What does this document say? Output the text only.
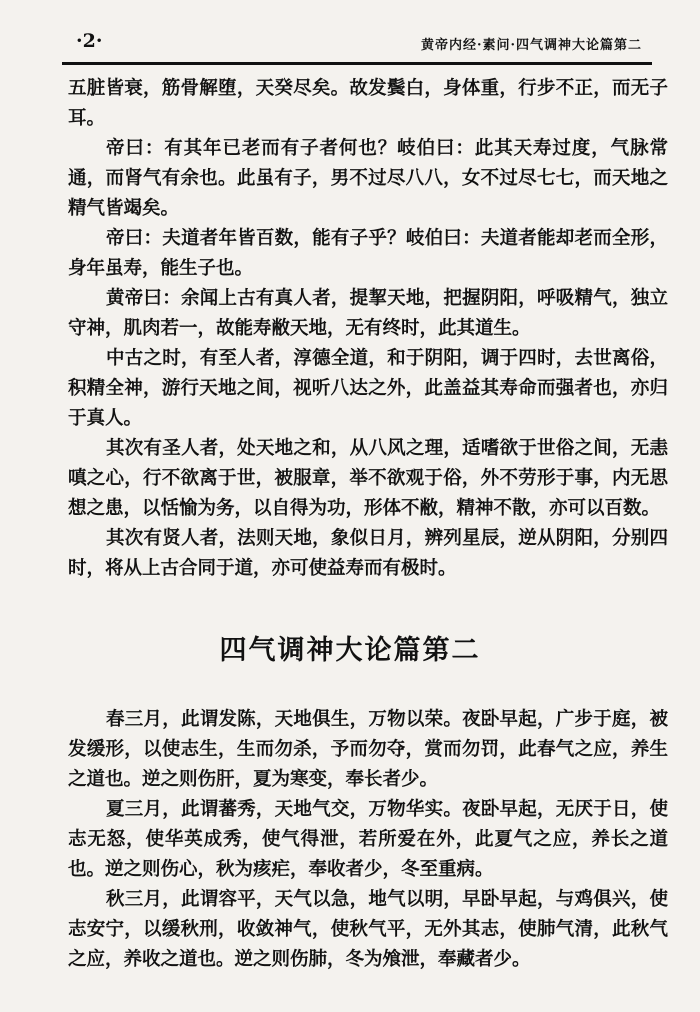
·2·	黄帝内经·素问·四气调神大论篇第二

五脏皆衰，筋骨解堕，天癸尽矣。故发鬓白，身体重，行步不正，而无子耳。

帝曰：有其年已老而有子者何也？岐伯曰：此其天寿过度，气脉常通，而肾气有余也。此虽有子，男不过尽八八，女不过尽七七，而天地之精气皆竭矣。

帝曰：夫道者年皆百数，能有子乎？岐伯曰：夫道者能却老而全形，身年虽寿，能生子也。

黄帝曰：余闻上古有真人者，提挈天地，把握阴阳，呼吸精气，独立守神，肌肉若一，故能寿敝天地，无有终时，此其道生。

中古之时，有至人者，淳德全道，和于阴阳，调于四时，去世离俗，积精全神，游行天地之间，视听八达之外，此盖益其寿命而强者也，亦归于真人。

其次有圣人者，处天地之和，从八风之理，适嗜欲于世俗之间，无恚嗔之心，行不欲离于世，被服章，举不欲观于俗，外不劳形于事，内无思想之患，以恬愉为务，以自得为功，形体不敝，精神不散，亦可以百数。

其次有贤人者，法则天地，象似日月，辨列星辰，逆从阴阳，分别四时，将从上古合同于道，亦可使益寿而有极时。

四气调神大论篇第二

春三月，此谓发陈，天地俱生，万物以荣。夜卧早起，广步于庭，被发缓形，以使志生，生而勿杀，予而勿夺，赏而勿罚，此春气之应，养生之道也。逆之则伤肝，夏为寒变，奉长者少。

夏三月，此谓蕃秀，天地气交，万物华实。夜卧早起，无厌于日，使志无怒，使华英成秀，使气得泄，若所爱在外，此夏气之应，养长之道也。逆之则伤心，秋为痎疟，奉收者少，冬至重病。

秋三月，此谓容平，天气以急，地气以明，早卧早起，与鸡俱兴，使志安宁，以缓秋刑，收敛神气，使秋气平，无外其志，使肺气清，此秋气之应，养收之道也。逆之则伤肺，冬为飧泄，奉藏者少。
